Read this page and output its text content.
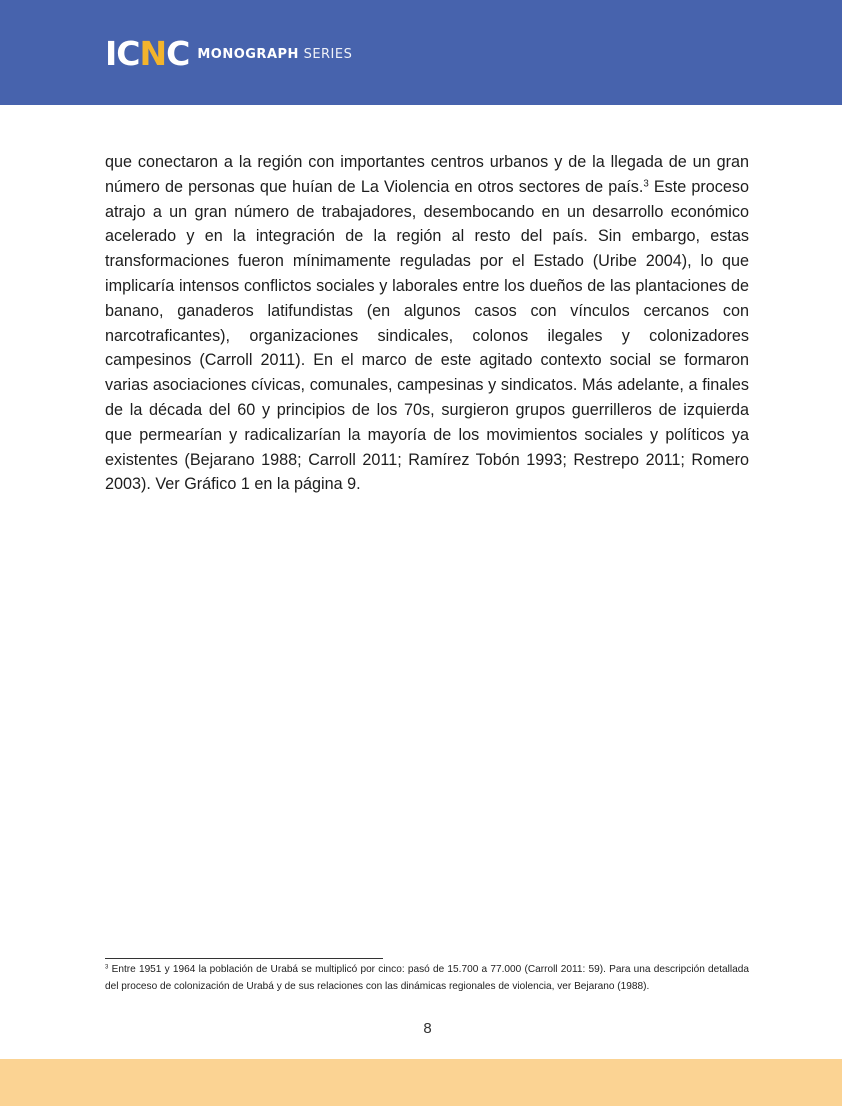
ICNC MONOGRAPH SERIES

que conectaron a la región con importantes centros urbanos y de la llegada de un gran número de personas que huían de La Violencia en otros sectores de país.$^3$ Este proceso atrajo a un gran número de trabajadores, desembocando en un desarrollo económico acelerado y en la integración de la región al resto del país. Sin embargo, estas transformaciones fueron mínimamente reguladas por el Estado (Uribe 2004), lo que implicaría intensos conflictos sociales y laborales entre los dueños de las plantaciones de banano, ganaderos latifundistas (en algunos casos con vínculos cercanos con narcotraficantes), organizaciones sindicales, colonos ilegales y colonizadores campesinos (Carroll 2011). En el marco de este agitado contexto social se formaron varias asociaciones cívicas, comunales, campesinas y sindicatos. Más adelante, a finales de la década del 60 y principios de los 70s, surgieron grupos guerrilleros de izquierda que permearían y radicalizarían la mayoría de los movimientos sociales y políticos ya existentes (Bejarano 1988; Carroll 2011; Ramírez Tobón 1993; Restrepo 2011; Romero 2003). Ver Gráfico 1 en la página 9.

$^3$ Entre 1951 y 1964 la población de Urabá se multiplicó por cinco: pasó de 15.700 a 77.000 (Carroll 2011: 59). Para una descripción detallada del proceso de colonización de Urabá y de sus relaciones con las dinámicas regionales de violencia, ver Bejarano (1988).

8
